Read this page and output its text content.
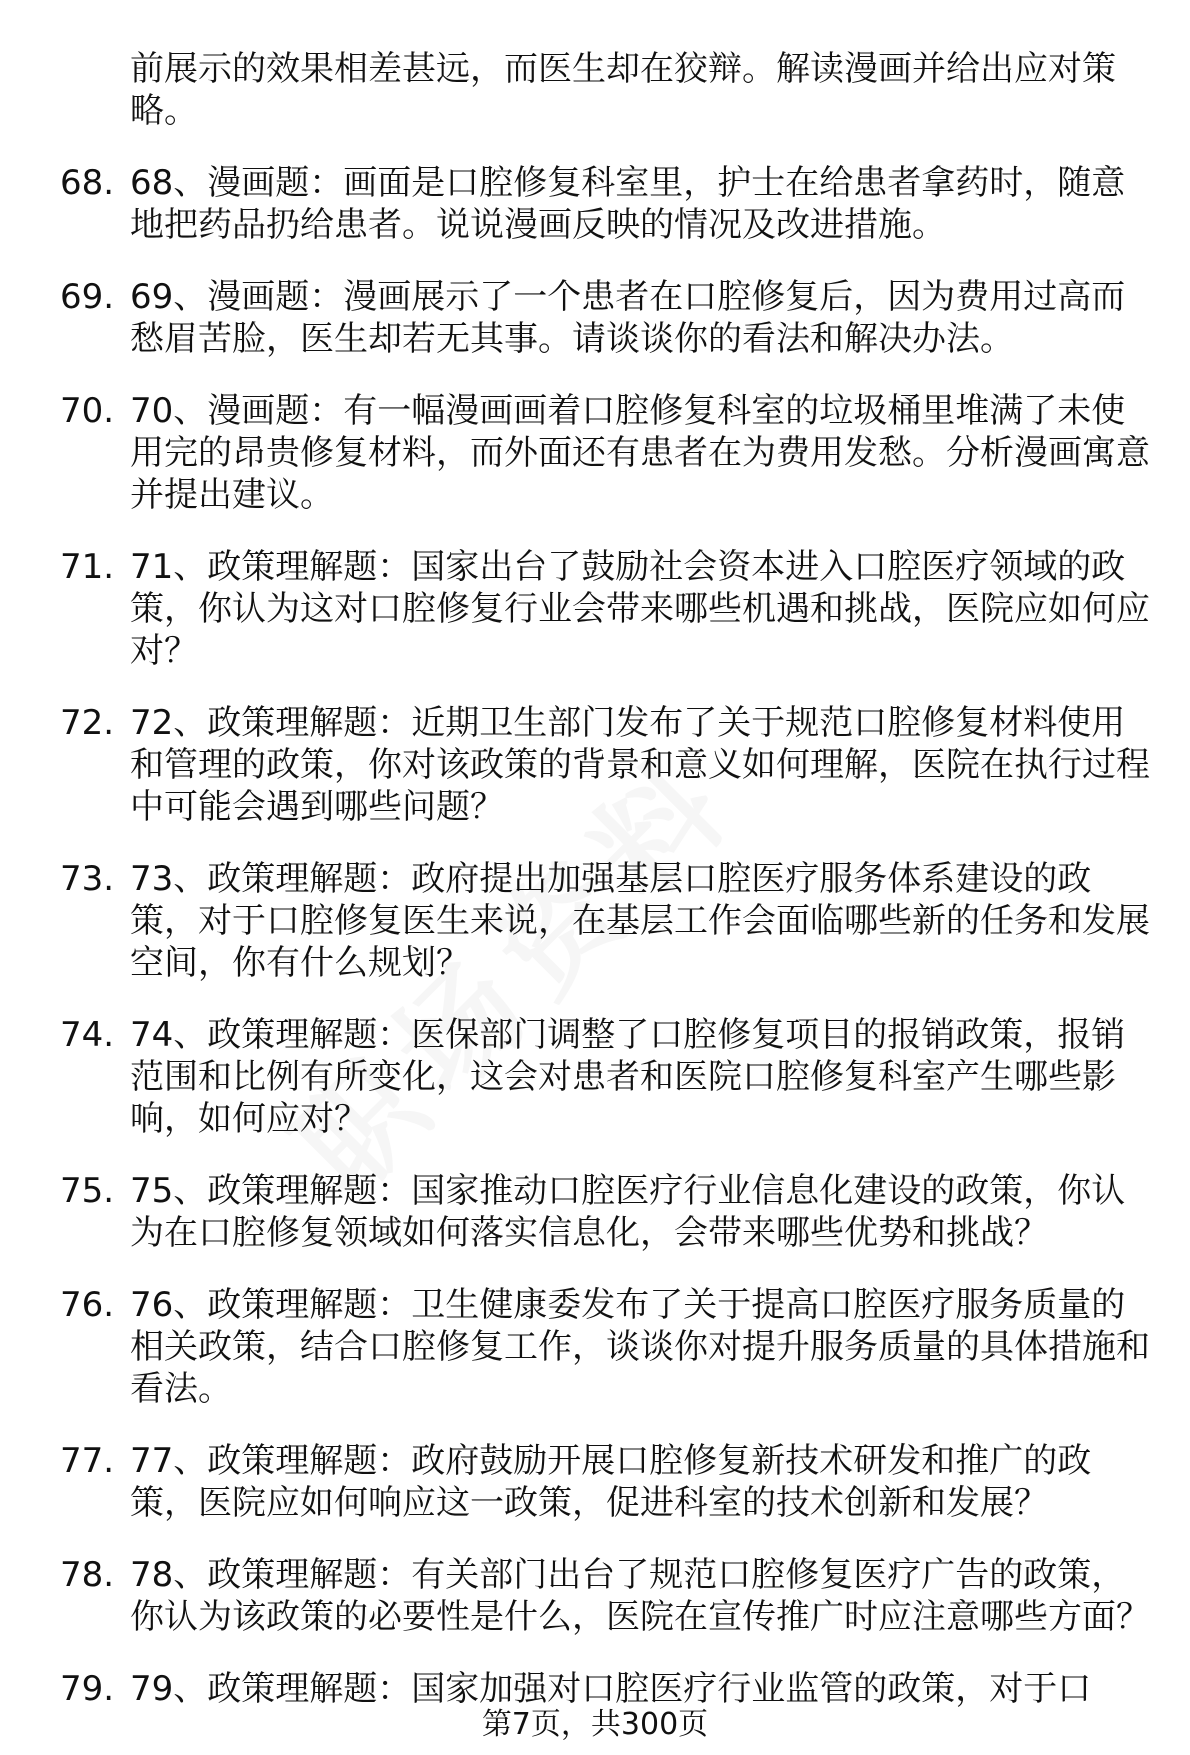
前展示的效果相差甚远，而医生却在狡辩。解读漫画并给出应对策略。
68. 68、漫画题：画面是口腔修复科室里，护士在给患者拿药时，随意地把药品扔给患者。说说漫画反映的情况及改进措施。
69. 69、漫画题：漫画展示了一个患者在口腔修复后，因为费用过高而愁眉苦脸，医生却若无其事。请谈谈你的看法和解决办法。
70. 70、漫画题：有一幅漫画画着口腔修复科室的垃圾桶里堆满了未使用完的昂贵修复材料，而外面还有患者在为费用发愁。分析漫画寓意并提出建议。
71. 71、政策理解题：国家出台了鼓励社会资本进入口腔医疗领域的政策，你认为这对口腔修复行业会带来哪些机遇和挑战，医院应如何应对？
72. 72、政策理解题：近期卫生部门发布了关于规范口腔修复材料使用和管理的政策，你对该政策的背景和意义如何理解，医院在执行过程中可能会遇到哪些问题？
73. 73、政策理解题：政府提出加强基层口腔医疗服务体系建设的政策，对于口腔修复医生来说，在基层工作会面临哪些新的任务和发展空间，你有什么规划？
74. 74、政策理解题：医保部门调整了口腔修复项目的报销政策，报销范围和比例有所变化，这会对患者和医院口腔修复科室产生哪些影响，如何应对？
75. 75、政策理解题：国家推动口腔医疗行业信息化建设的政策，你认为在口腔修复领域如何落实信息化，会带来哪些优势和挑战？
76. 76、政策理解题：卫生健康委发布了关于提高口腔医疗服务质量的相关政策，结合口腔修复工作，谈谈你对提升服务质量的具体措施和看法。
77. 77、政策理解题：政府鼓励开展口腔修复新技术研发和推广的政策，医院应如何响应这一政策，促进科室的技术创新和发展？
78. 78、政策理解题：有关部门出台了规范口腔修复医疗广告的政策，你认为该政策的必要性是什么，医院在宣传推广时应注意哪些方面？
79. 79、政策理解题：国家加强对口腔医疗行业监管的政策，对于口
第7页，共300页
